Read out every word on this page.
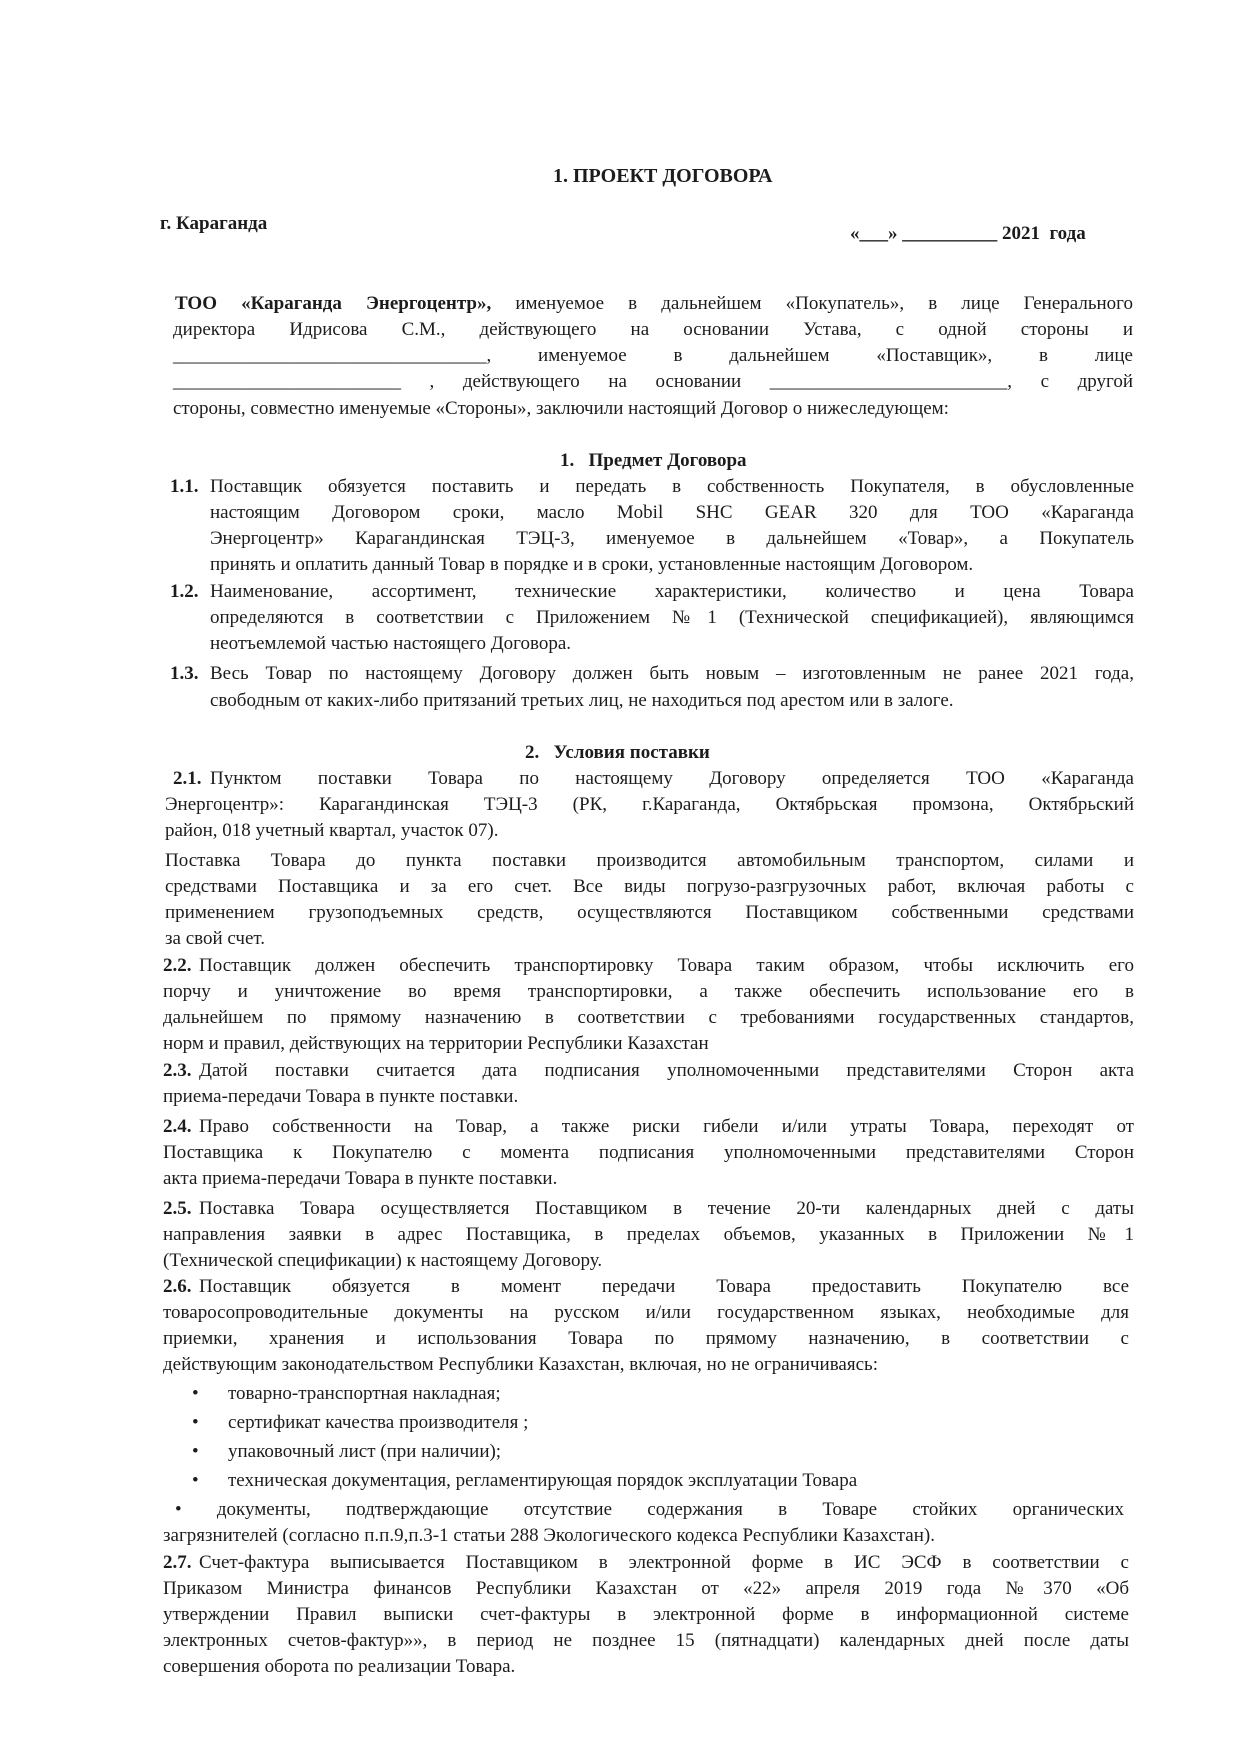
1. ПРОЕКТ ДОГОВОРА
г. Караганда	«___» __________ 2021  года
ТОО «Караганда Энергоцентр», именуемое в дальнейшем «Покупатель», в лице Генерального
директора Идрисова С.М., действующего на основании Устава, с одной стороны и
_________________________________, именуемое в дальнейшем «Поставщик», в лице
________________________ , действующего на основании _________________________, с другой
стороны, совместно именуемые «Стороны», заключили настоящий Договор о нижеследующем:
1.   Предмет Договора
1.1. Поставщик обязуется поставить и передать в собственность Покупателя, в обусловленные
настоящим Договором сроки, масло Mobil SHC GEAR 320 для ТОО «Караганда
Энергоцентр» Карагандинская ТЭЦ-3, именуемое в дальнейшем «Товар», а Покупатель
принять и оплатить данный Товар в порядке и в сроки, установленные настоящим Договором.
1.2. Наименование, ассортимент, технические характеристики, количество и цена Товара
определяются в соответствии с Приложением №1 (Технической спецификацией), являющимся
неотъемлемой частью настоящего Договора.
1.3. Весь Товар по настоящему Договору должен быть новым – изготовленным не ранее 2021 года,
свободным от каких-либо притязаний третьих лиц, не находиться под арестом или в залоге.
2.   Условия поставки
2.1. Пунктом поставки Товара по настоящему Договору определяется ТОО «Караганда
Энергоцентр»: Карагандинская ТЭЦ-3 (РК, г.Караганда, Октябрьская промзона, Октябрьский
район, 018 учетный квартал, участок 07).
Поставка Товара до пункта поставки производится автомобильным транспортом, силами и
средствами Поставщика и за его счет. Все виды погрузо-разгрузочных работ, включая работы с
применением грузоподъемных средств, осуществляются Поставщиком собственными средствами
за свой счет.
2.2. Поставщик должен обеспечить транспортировку Товара таким образом, чтобы исключить его
порчу и уничтожение во время транспортировки, а также обеспечить использование его в
дальнейшем по прямому назначению в соответствии с требованиями государственных стандартов,
норм и правил, действующих на территории Республики Казахстан
2.3. Датой поставки считается дата подписания уполномоченными представителями Сторон акта
приема-передачи Товара в пункте поставки.
2.4. Право собственности на Товар, а также риски гибели и/или утраты Товара, переходят от
Поставщика к Покупателю с момента подписания уполномоченными представителями Сторон
акта приема-передачи Товара в пункте поставки.
2.5. Поставка Товара осуществляется Поставщиком в течение 20-ти календарных дней с даты
направления заявки в адрес Поставщика, в пределах объемов, указанных в Приложении №1
(Технической спецификации) к настоящему Договору.
2.6. Поставщик обязуется в момент передачи Товара предоставить Покупателю все
товаросопроводительные документы на русском и/или государственном языках, необходимые для
приемки, хранения и использования Товара по прямому назначению, в соответствии с
действующим законодательством Республики Казахстан, включая, но не ограничиваясь:
• товарно-транспортная накладная;
• сертификат качества производителя ;
• упаковочный лист (при наличии);
• техническая документация, регламентирующая порядок эксплуатации Товара
• документы, подтверждающие отсутствие содержания в Товаре стойких органических
загрязнителей (согласно п.п.9,п.3-1 статьи 288 Экологического кодекса Республики Казахстан).
2.7. Счет-фактура выписывается Поставщиком в электронной форме в ИС ЭСФ в соответствии с
Приказом Министра финансов Республики Казахстан от «22» апреля 2019 года №370 «Об
утверждении Правил выписки счет-фактуры в электронной форме в информационной системе
электронных счетов-фактур»», в период не позднее 15 (пятнадцати) календарных дней после даты
совершения оборота по реализации Товара.
